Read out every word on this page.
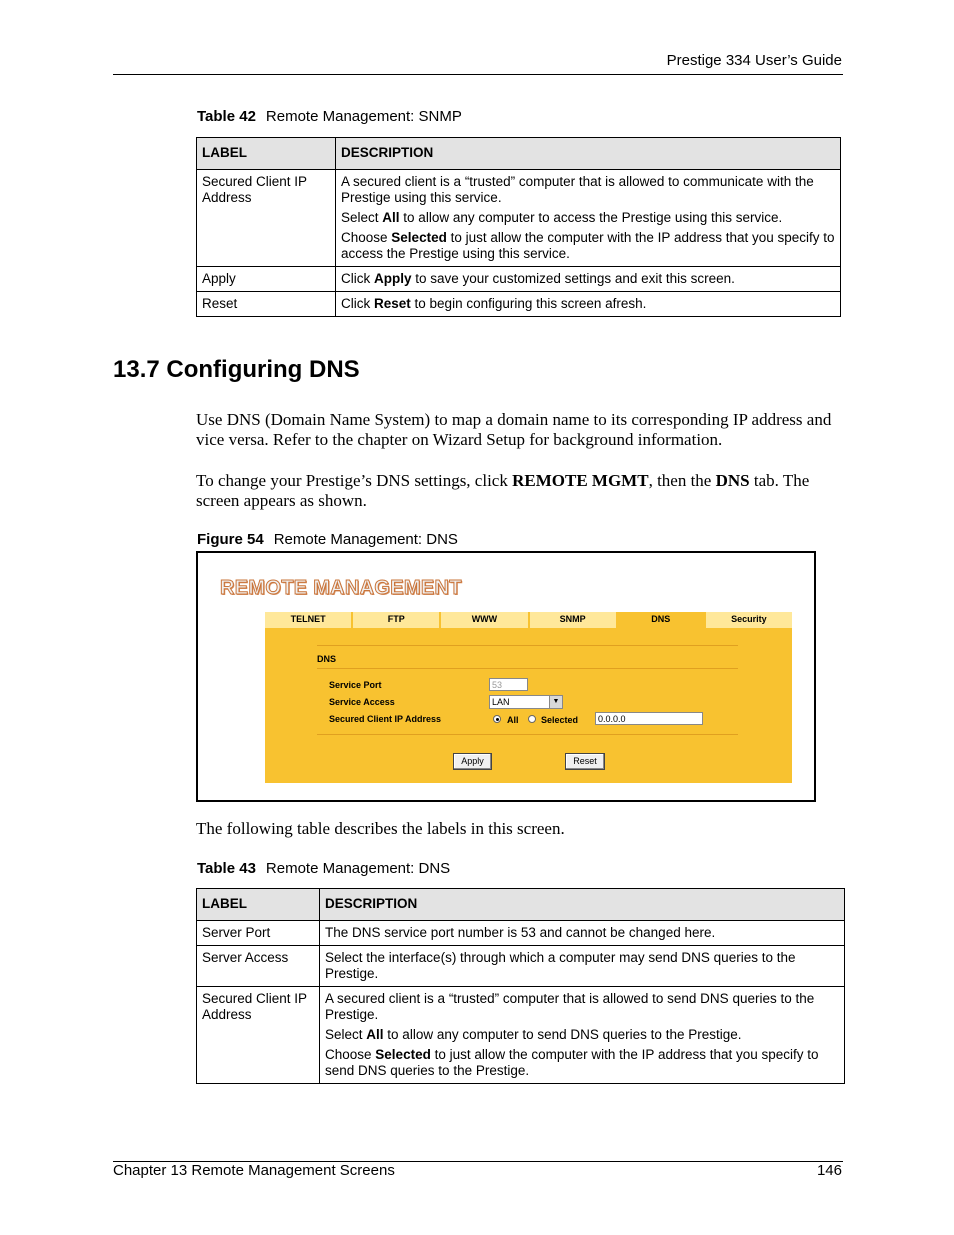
Prestige 334 User’s Guide
Table 42 Remote Management: SNMP
LABEL	DESCRIPTION
Secured Client IP Address	A secured client is a “trusted” computer that is allowed to communicate with the Prestige using this service.

Select All to allow any computer to access the Prestige using this service.

Choose Selected to just allow the computer with the IP address that you specify to access the Prestige using this service.

Apply	Click Apply to save your customized settings and exit this screen.
Reset	Click Reset to begin configuring this screen afresh.
13.7 Configuring DNS
Use DNS (Domain Name System) to map a domain name to its corresponding IP address and vice versa. Refer to the chapter on Wizard Setup for background information.
To change your Prestige’s DNS settings, click REMOTE MGMT, then the DNS tab. The screen appears as shown.
Figure 54 Remote Management: DNS
REMOTE MANAGEMENT
TELNET	FTP	WWW	SNMP	DNS	Security
DNS
Service Port	53
Service Access	LAN	▼
Secured Client IP Address	All Selected	0.0.0.0
Apply	Reset
The following table describes the labels in this screen.
Table 43 Remote Management: DNS
LABEL	DESCRIPTION
Server Port	The DNS service port number is 53 and cannot be changed here.
Server Access	Select the interface(s) through which a computer may send DNS queries to the Prestige.
Secured Client IP Address	A secured client is a “trusted” computer that is allowed to send DNS queries to the Prestige.

Select All to allow any computer to send DNS queries to the Prestige.

Choose Selected to just allow the computer with the IP address that you specify to send DNS queries to the Prestige.

Chapter 13 Remote Management Screens	146
